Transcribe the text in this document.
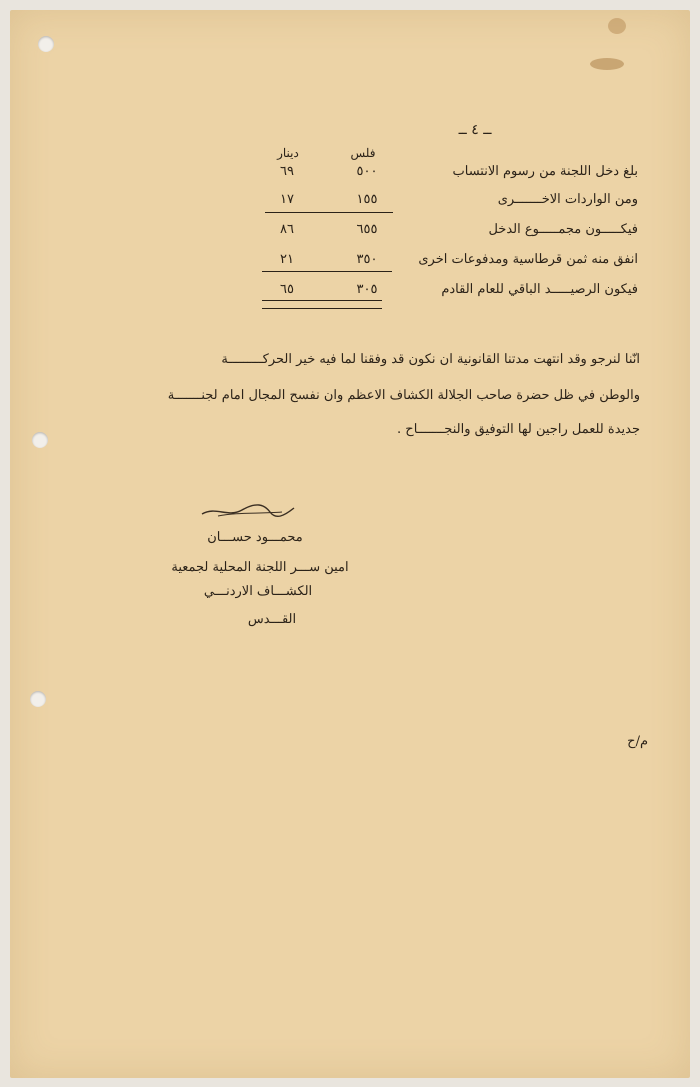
ــ ٤ ــ
فلس
دينار
بلغ دخل اللجنة من رسوم الانتساب
٥٠٠
٦٩
ومن الواردات الاخـــــــرى
١٥٥
١٧
فيكـــــون مجمـــــوع الدخل
٦٥٥
٨٦
انفق منه ثمن قرطاسية ومدفوعات اخرى
٣٥٠
٢١
فيكون الرصيـــــد الباقي للعام القادم
٣٠٥
٦٥
انّنا لنرجو وقد انتهت مدتنا القانونية ان نكون قد وفقنا لما فيه خير الحركـــــــــة
والوطن في ظل حضرة صاحب الجلالة الكشاف الاعظم وان نفسح المجال امام لجنـــــــة
جديدة للعمل راجين لها التوفيق والنجـــــــاح .
محمـــود حســـان
امين ســـر اللجنة المحلية لجمعية
الكشـــاف الاردنـــي
القـــدس
م/ح
